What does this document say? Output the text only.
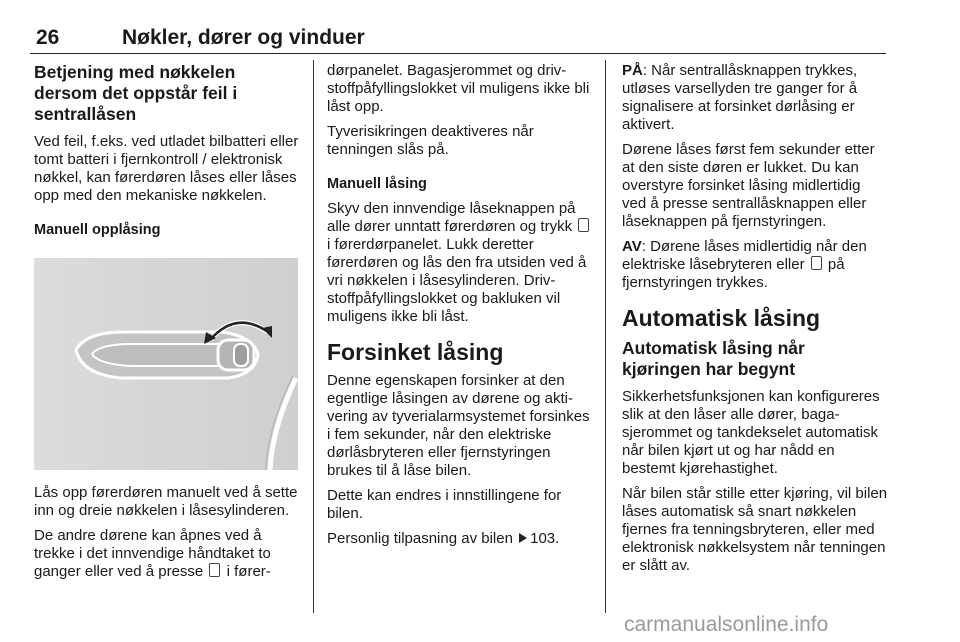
26	Nøkler, dører og vinduer
Betjening med nøkkelen dersom det oppstår feil i sentrallåsen

Ved feil, f.eks. ved utladet bilbatteri eller tomt batteri i fjernkontroll / elektronisk nøkkel, kan førerdøren låses eller låses opp med den mekaniske nøkkelen.

Manuell opplåsing

Lås opp førerdøren manuelt ved å sette inn og dreie nøkkelen i låsesylinderen.

De andre dørene kan åpnes ved å trekke i det innvendige håndtaket to ganger eller ved å presse i fører-

dørpanelet. Bagasjerommet og drivstoffpåfyllingslokket vil muligens ikke bli låst opp.

Tyverisikringen deaktiveres når tenningen slås på.

Manuell låsing

Skyv den innvendige låseknappen på alle dører unntatt førerdøren og trykk  i førerdørpanelet. Lukk deretter førerdøren og lås den fra utsiden ved å vri nøkkelen i låsesylinderen. Drivstoffpåfyllingslokket og bakluken vil muligens ikke bli låst.

Forsinket låsing

Denne egenskapen forsinker at den egentlige låsingen av dørene og aktivering av tyverialarmsystemet forsinkes i fem sekunder, når den elektriske dørlåsbryteren eller fjernstyringen brukes til å låse bilen.

Dette kan endres i innstillingene for bilen.

Personlig tilpasning av bilen 103.

PÅ: Når sentrallåsknappen trykkes, utløses varsellyden tre ganger for å signalisere at forsinket dørlåsing er aktivert.

Dørene låses først fem sekunder etter at den siste døren er lukket. Du kan overstyre forsinket låsing midlertidig ved å presse sentrallåsknappen eller låseknappen på fjernstyringen.

AV: Dørene låses midlertidig når den elektriske låsebryteren eller på fjernstyringen trykkes.

Automatisk låsing
Automatisk låsing når kjøringen har begynt

Sikkerhetsfunksjonen kan konfigureres slik at den låser alle dører, bagasjerommet og tankdekselet automatisk når bilen kjørt ut og har nådd en bestemt kjørehastighet.

Når bilen står stille etter kjøring, vil bilen låses automatisk så snart nøkkelen fjernes fra tenningsbryteren, eller med elektronisk nøkkelsystem når tenningen er slått av.

carmanualsonline.info
